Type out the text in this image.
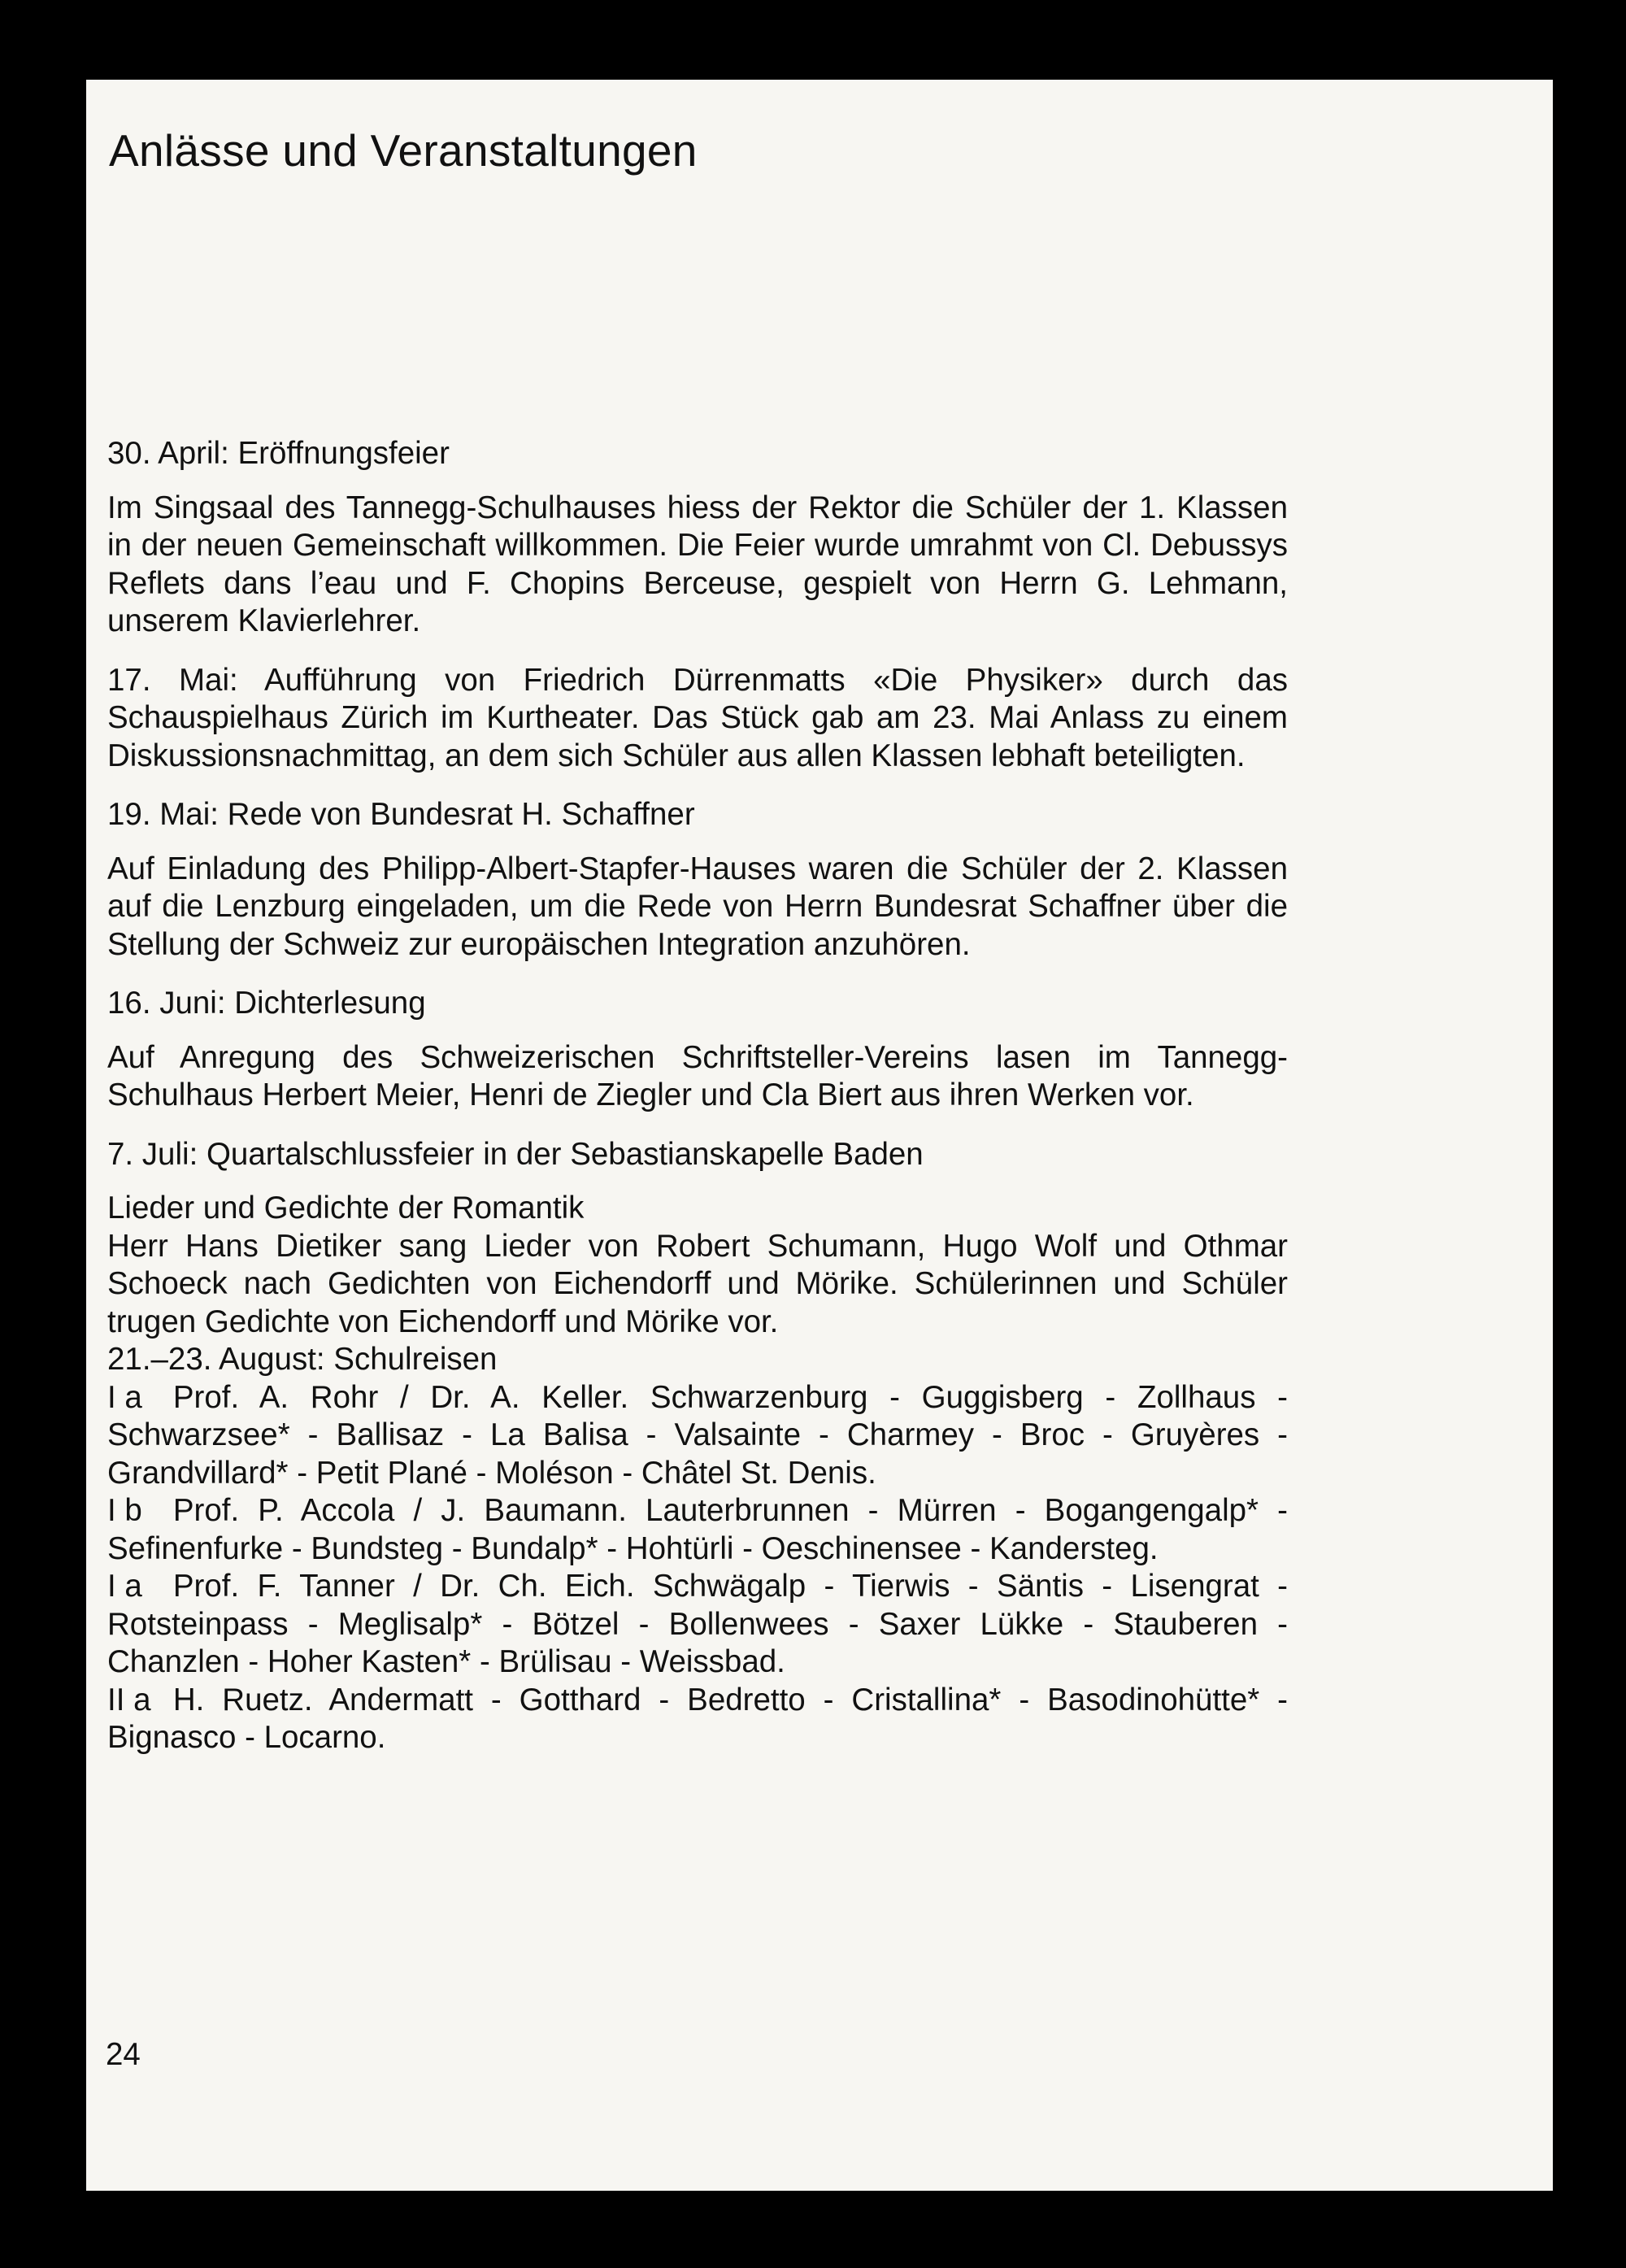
Anlässe und Veranstaltungen

30. April: Eröffnungsfeier

Im Singsaal des Tannegg-Schulhauses hiess der Rektor die Schüler der 1. Klassen in der neuen Gemeinschaft willkommen. Die Feier wurde umrahmt von Cl. Debussys Reflets dans l’eau und F. Chopins Berceuse, gespielt von Herrn G. Lehmann, unserem Klavierlehrer.

17. Mai: Aufführung von Friedrich Dürrenmatts «Die Physiker» durch das Schauspielhaus Zürich im Kurtheater. Das Stück gab am 23. Mai Anlass zu einem Diskussionsnachmittag, an dem sich Schüler aus allen Klassen lebhaft beteiligten.

19. Mai: Rede von Bundesrat H. Schaffner

Auf Einladung des Philipp-Albert-Stapfer-Hauses waren die Schüler der 2. Klassen auf die Lenzburg eingeladen, um die Rede von Herrn Bundesrat Schaffner über die Stellung der Schweiz zur europäischen Integration anzuhören.

16. Juni: Dichterlesung

Auf Anregung des Schweizerischen Schriftsteller-Vereins lasen im Tannegg-Schulhaus Herbert Meier, Henri de Ziegler und Cla Biert aus ihren Werken vor.

7. Juli: Quartalschlussfeier in der Sebastianskapelle Baden

Lieder und Gedichte der Romantik

Herr Hans Dietiker sang Lieder von Robert Schumann, Hugo Wolf und Othmar Schoeck nach Gedichten von Eichendorff und Mörike. Schülerinnen und Schüler trugen Gedichte von Eichendorff und Mörike vor.

21.–23. August: Schulreisen

I a Prof. A. Rohr / Dr. A. Keller. Schwarzenburg - Guggisberg - Zollhaus - Schwarzsee* - Ballisaz - La Balisa - Valsainte - Charmey - Broc - Gruyères - Grandvillard* - Petit Plané - Moléson - Châtel St. Denis.

I b Prof. P. Accola / J. Baumann. Lauterbrunnen - Mürren - Bogangengalp* - Sefinenfurke - Bundsteg - Bundalp* - Hohtürli - Oeschinensee - Kandersteg.

I a Prof. F. Tanner / Dr. Ch. Eich. Schwägalp - Tierwis - Säntis - Lisengrat - Rotsteinpass - Meglisalp* - Bötzel - Bollenwees - Saxer Lükke - Stauberen - Chanzlen - Hoher Kasten* - Brülisau - Weissbad.

II a H. Ruetz. Andermatt - Gotthard - Bedretto - Cristallina* - Basodinohütte* - Bignasco - Locarno.

24
